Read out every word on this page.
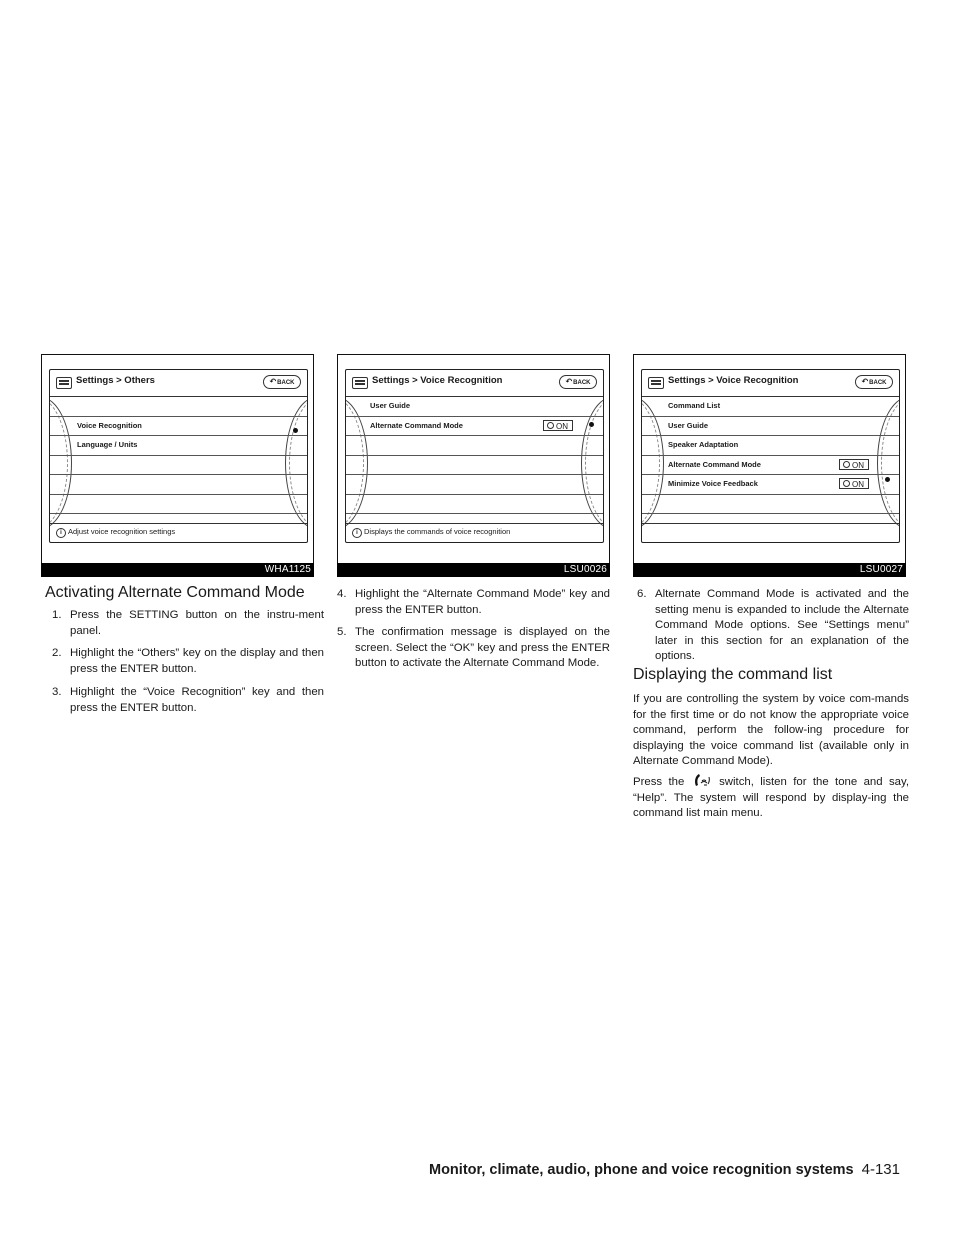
Settings > Others	↶BACK
Voice Recognition
Language / Units
i Adjust voice recognition settings
WHA1125
Settings > Voice Recognition	↶BACK
User Guide
Alternate Command Mode	ON
i Displays the commands of voice recognition
LSU0026
Settings > Voice Recognition	↶BACK
Command List
User Guide
Speaker Adaptation
Alternate Command Mode	ON
Minimize Voice Feedback	ON
LSU0027
Activating Alternate Command Mode
1. Press the SETTING button on the instru-ment panel.
2. Highlight the “Others” key on the display and then press the ENTER button.
3. Highlight the “Voice Recognition” key and then press the ENTER button.
4. Highlight the “Alternate Command Mode” key and press the ENTER button.
5. The confirmation message is displayed on the screen. Select the “OK” key and press the ENTER button to activate the Alternate Command Mode.
6. Alternate Command Mode is activated and the setting menu is expanded to include the Alternate Command Mode options. See “Settings menu” later in this section for an explanation of the options.
Displaying the command list

If you are controlling the system by voice com-mands for the first time or do not know the appropriate voice command, perform the follow-ing procedure for displaying the voice command list (available only in Alternate Command Mode).

Press the	switch, listen for the tone and say, “Help”. The system will respond by display-ing the command list main menu.

Monitor, climate, audio, phone and voice recognition systems 4-131
